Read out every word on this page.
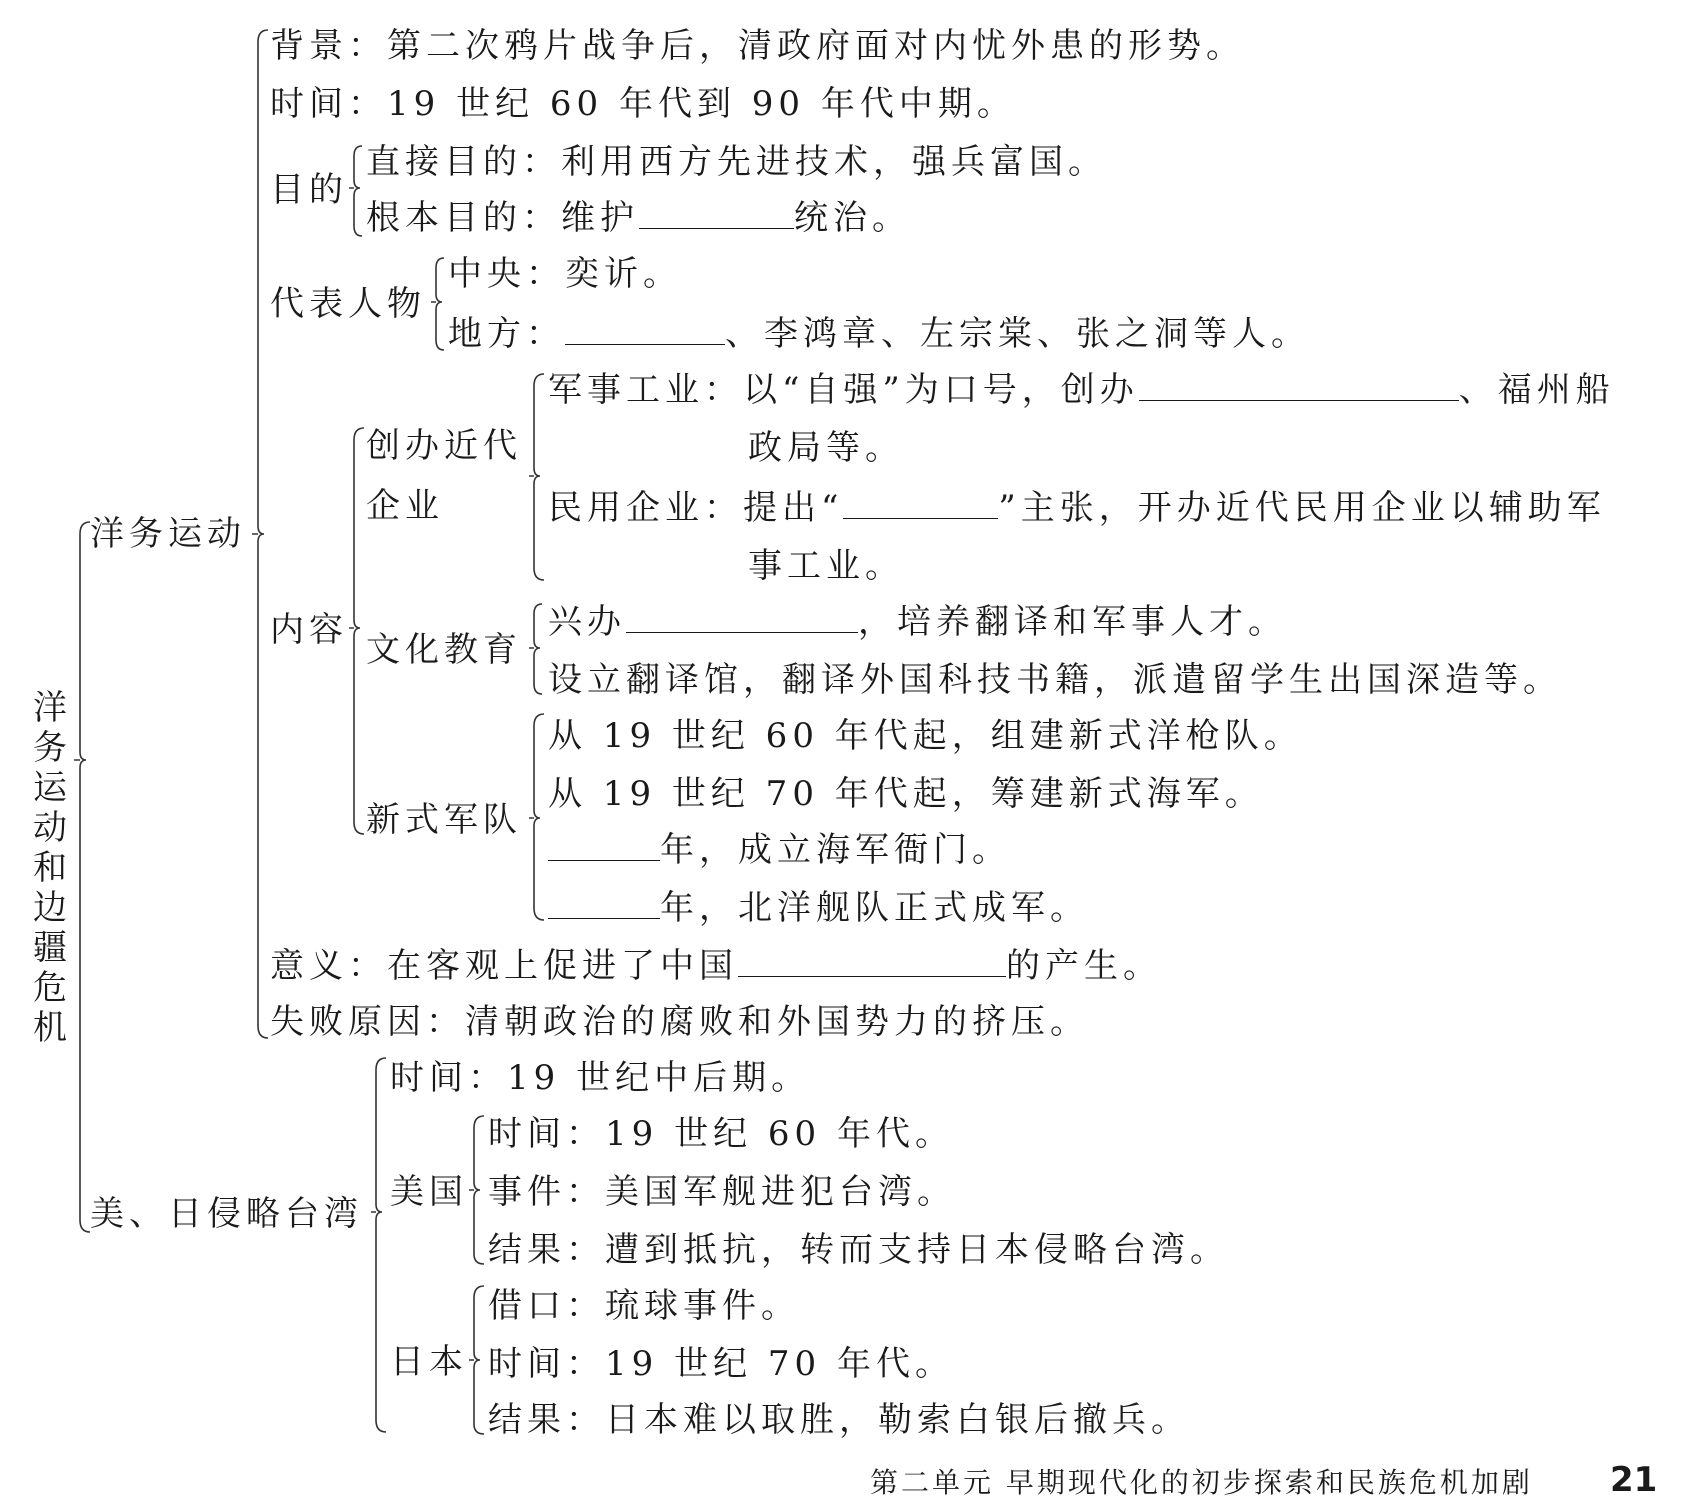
洋
务
运
动
和
边
疆
危
机
洋务运动
背景：第二次鸦片战争后，清政府面对内忧外患的形势。
时间：19 世纪 60 年代到 90 年代中期。
目的
直接目的：利用西方先进技术，强兵富国。
根本目的：维护	统治。
代表人物
中央：奕䜣。
地方：	、李鸿章、左宗棠、张之洞等人。
内容
创办近代
企业
军事工业：以“自强”为口号，创办	、福州船
政局等。
民用企业：提出“	”主张，开办近代民用企业以辅助军
事工业。
文化教育
兴办	，培养翻译和军事人才。
设立翻译馆，翻译外国科技书籍，派遣留学生出国深造等。
新式军队
从 19 世纪 60 年代起，组建新式洋枪队。
从 19 世纪 70 年代起，筹建新式海军。
年，成立海军衙门。
年，北洋舰队正式成军。
意义：在客观上促进了中国	的产生。
失败原因：清朝政治的腐败和外国势力的挤压。
美、日侵略台湾
时间：19 世纪中后期。
美国
时间：19 世纪 60 年代。
事件：美国军舰进犯台湾。
结果：遭到抵抗，转而支持日本侵略台湾。
日本
借口：琉球事件。
时间：19 世纪 70 年代。
结果：日本难以取胜，勒索白银后撤兵。
第二单元 早期现代化的初步探索和民族危机加剧 21
